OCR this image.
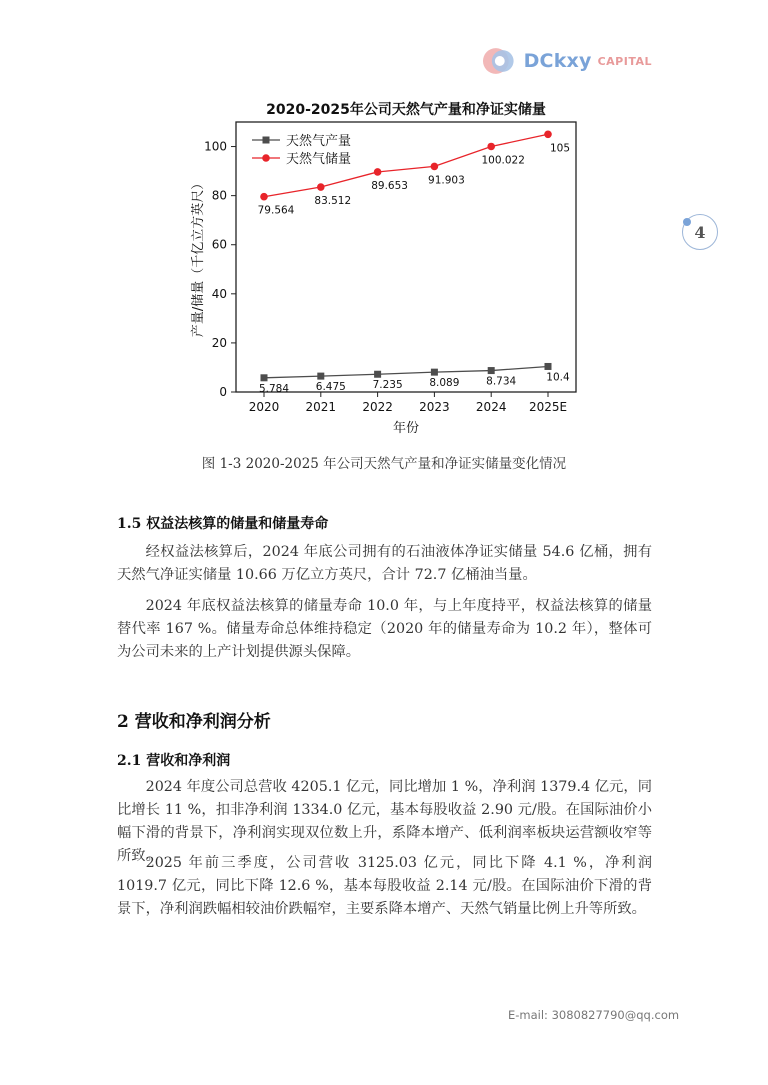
DCkxy CAPITAL
4
2020-2025年公司天然气产量和净证实储量
0
20
40
60
80
100
2020 2021 2022 2023 2024 2025E
5.784	6.475	7.235	8.089	8.734	10.4
79.564
83.512
89.653 91.903
100.022
105
天然气产量
天然气储量
年份
产量/储量（千亿立方英尺）
图 1-3 2020-2025 年公司天然气产量和净证实储量变化情况
1.5 权益法核算的储量和储量寿命
经权益法核算后，2024 年底公司拥有的石油液体净证实储量 54.6 亿桶，拥有天然气净证实储量 10.66 万亿立方英尺，合计 72.7 亿桶油当量。
2024 年底权益法核算的储量寿命 10.0 年，与上年度持平，权益法核算的储量替代率 167 %。储量寿命总体维持稳定（2020 年的储量寿命为 10.2 年），整体可为公司未来的上产计划提供源头保障。
2 营收和净利润分析
2.1 营收和净利润
2024 年度公司总营收 4205.1 亿元，同比增加 1 %，净利润 1379.4 亿元，同比增长 11 %，扣非净利润 1334.0 亿元，基本每股收益 2.90 元/股。在国际油价小幅下滑的背景下，净利润实现双位数上升，系降本增产、低利润率板块运营额收窄等所致。
2025 年前三季度，公司营收 3125.03 亿元，同比下降 4.1 %，净利润 1019.7 亿元，同比下降 12.6 %，基本每股收益 2.14 元/股。在国际油价下滑的背景下，净利润跌幅相较油价跌幅窄，主要系降本增产、天然气销量比例上升等所致。
E-mail: 3080827790@qq.com
